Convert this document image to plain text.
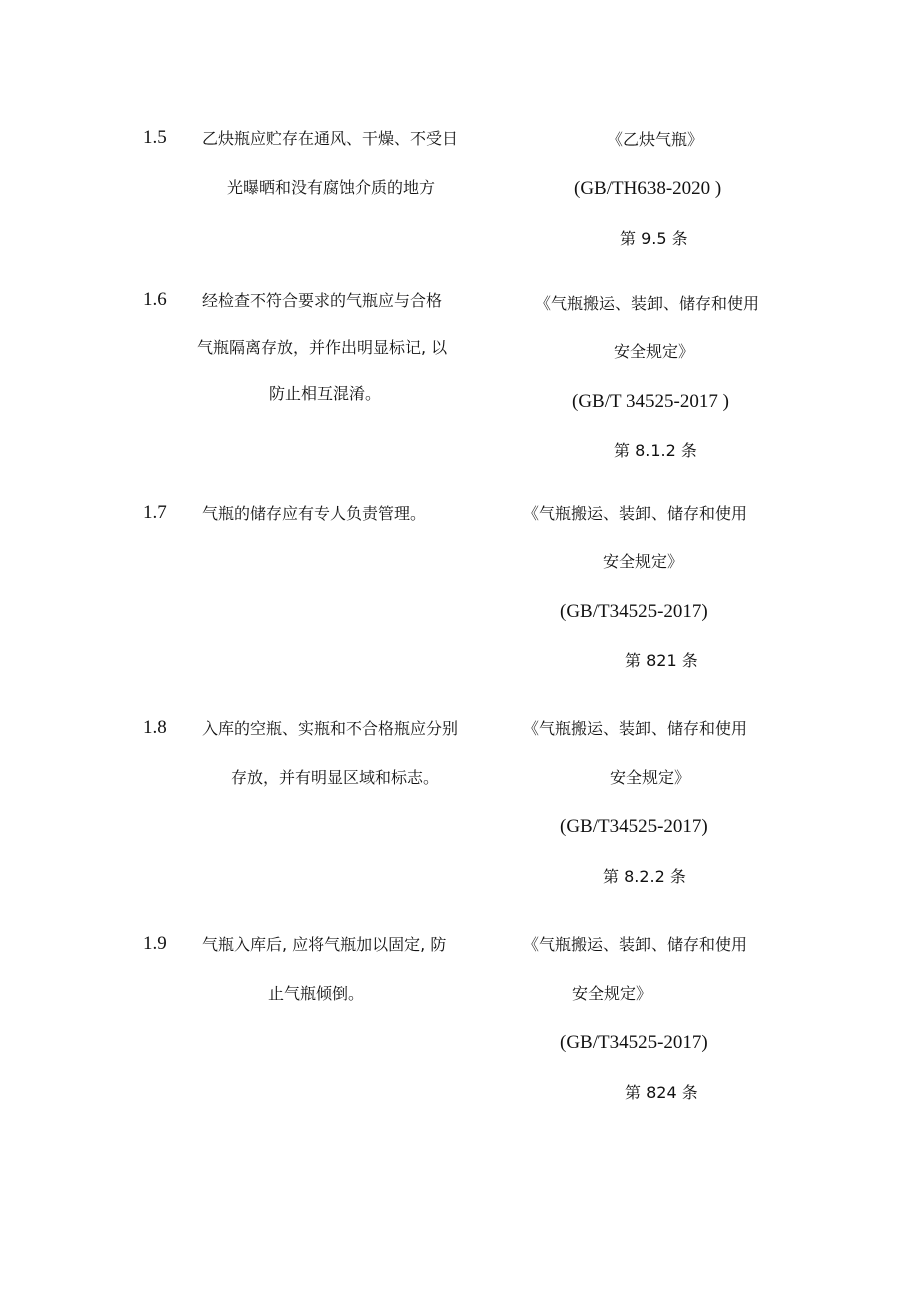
1.5 乙炔瓶应贮存在通风、干燥、不受日
光曝晒和没有腐蚀介质的地方
《乙炔气瓶》
(GB/TH638-2020 )
第 9.5 条
1.6 经检查不符合要求的气瓶应与合格
气瓶隔离存放，并作出明显标记, 以
防止相互混淆。
《气瓶搬运、装卸、储存和使用
安全规定》
(GB/T 34525-2017 )
第 8.1.2 条
1.7 气瓶的储存应有专人负责管理。	《气瓶搬运、装卸、储存和使用
安全规定》
(GB/T34525-2017)
第 821 条
1.8 入库的空瓶、实瓶和不合格瓶应分别
存放，并有明显区域和标志。
《气瓶搬运、装卸、储存和使用
安全规定》
(GB/T34525-2017)
第 8.2.2 条
1.9 气瓶入库后, 应将气瓶加以固定, 防
止气瓶倾倒。
《气瓶搬运、装卸、储存和使用
安全规定》
(GB/T34525-2017)
第 824 条
